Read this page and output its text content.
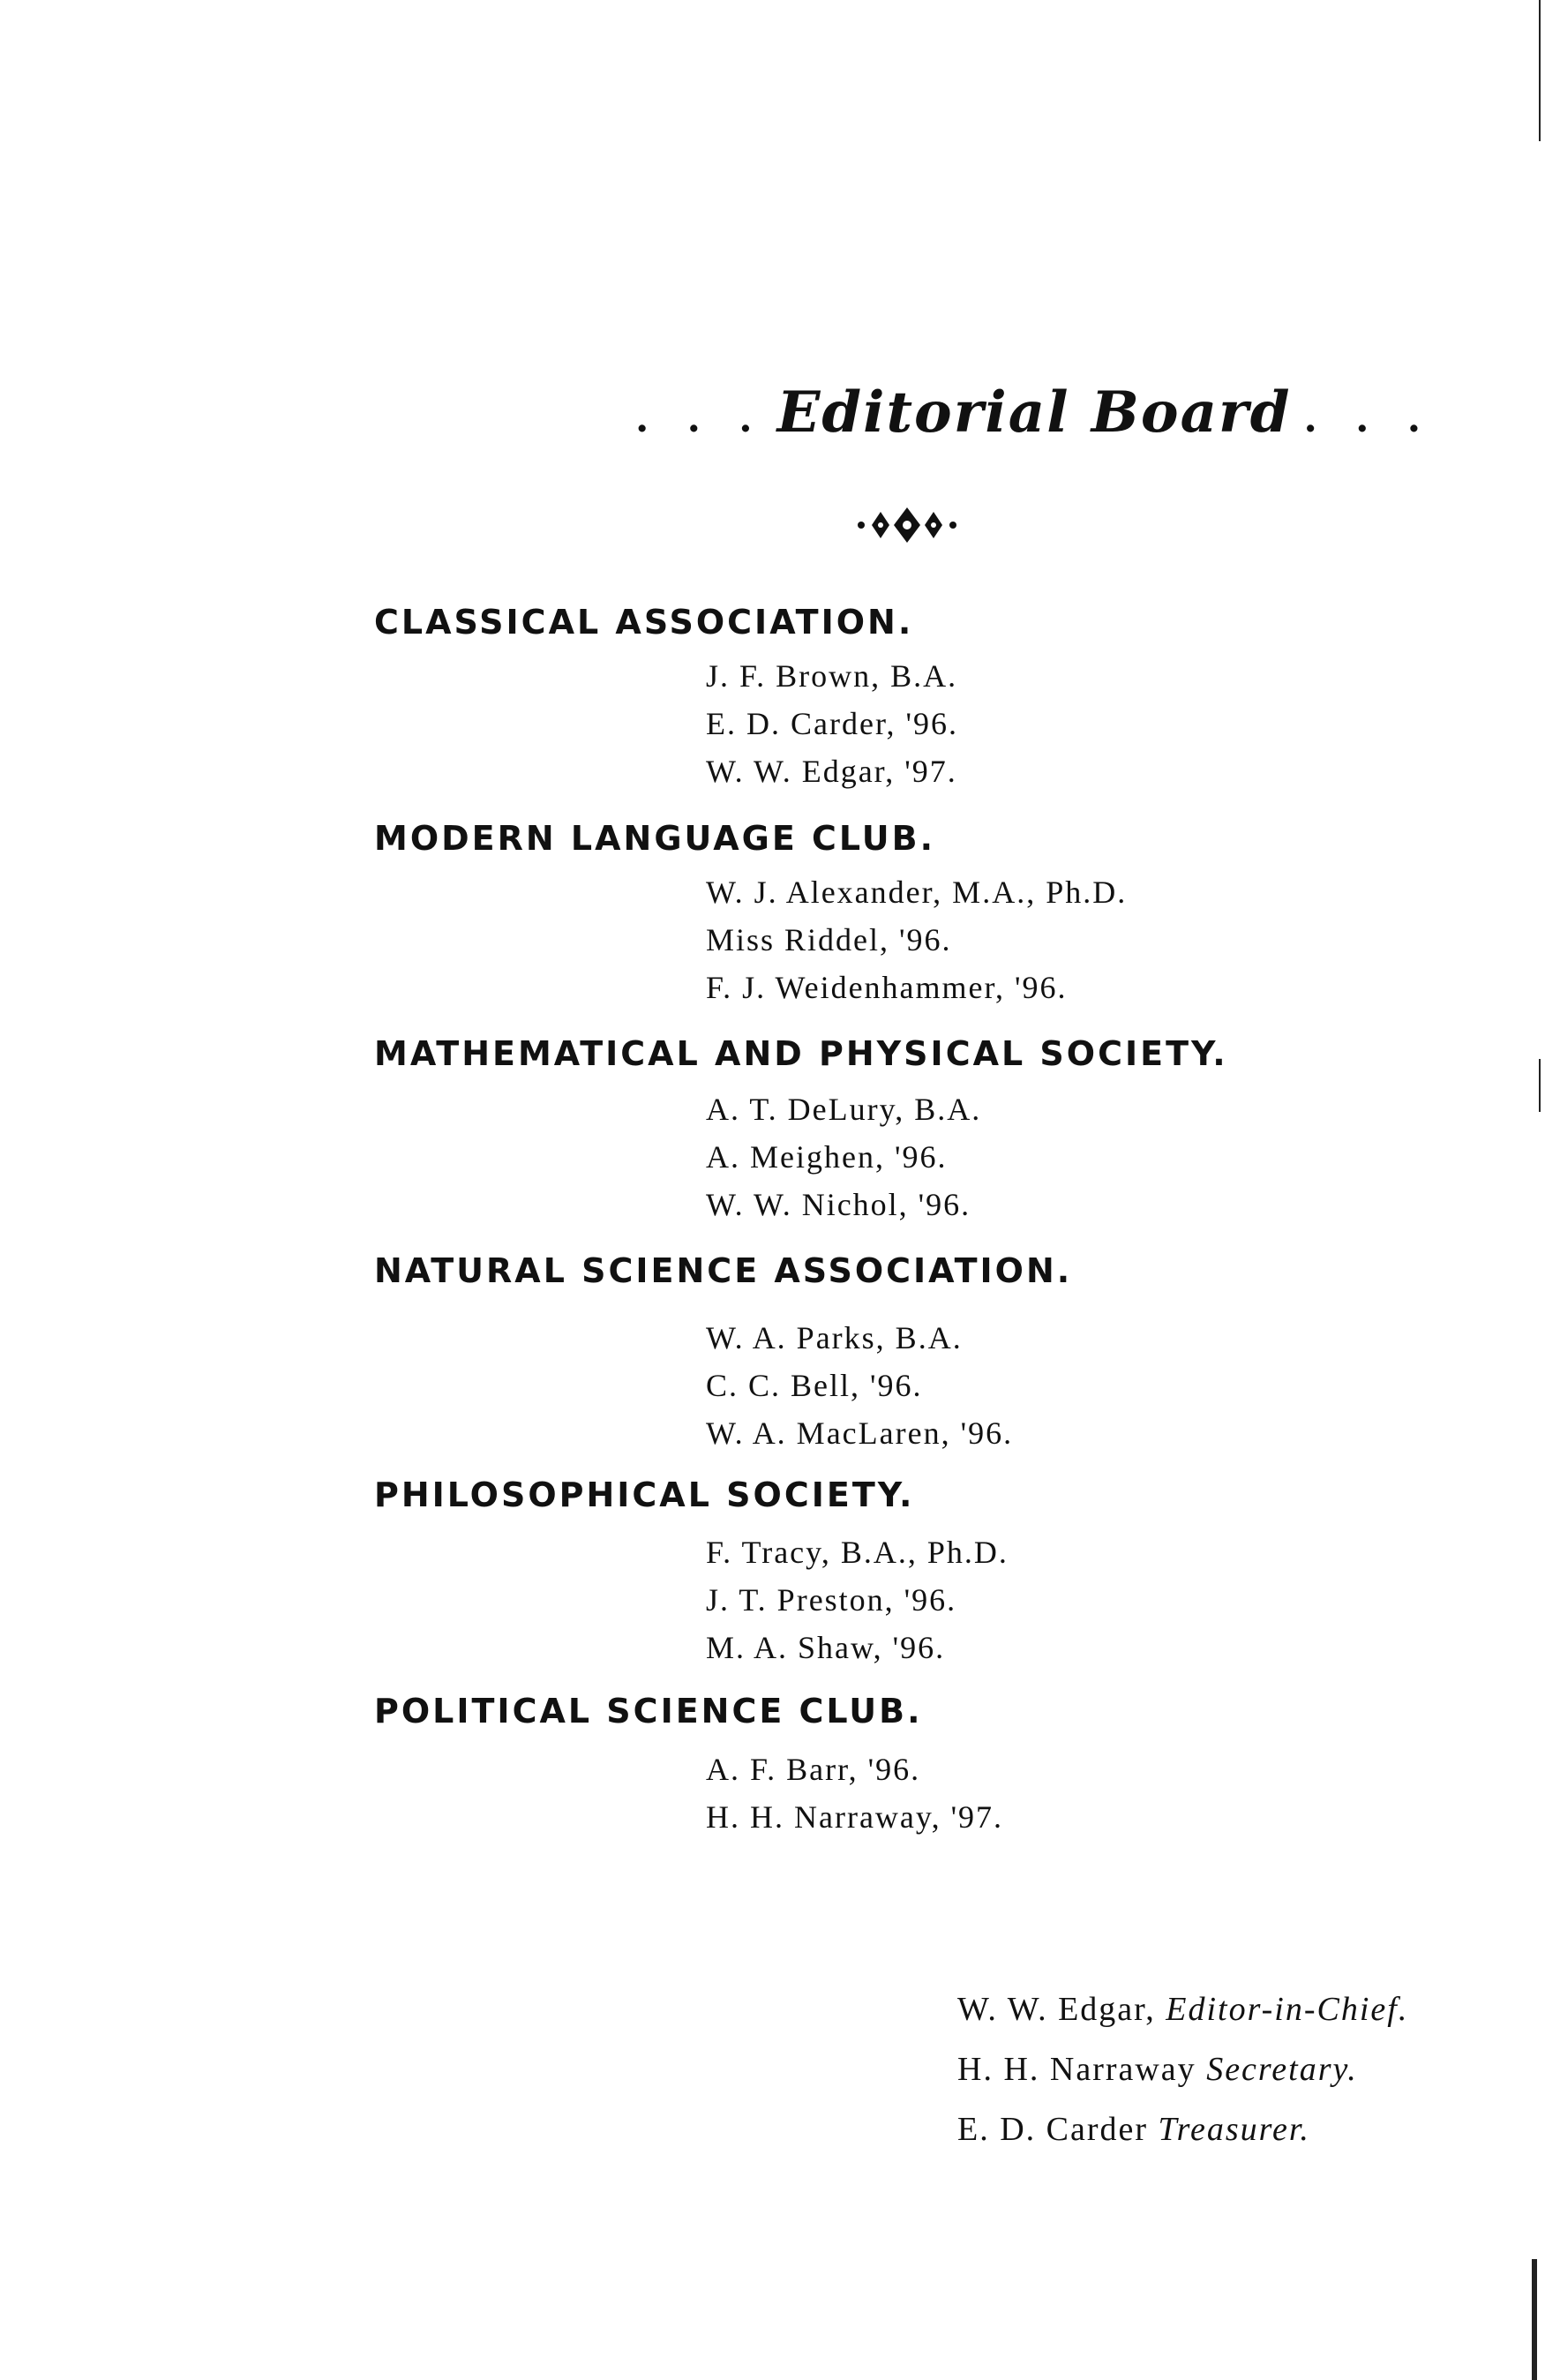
. . . Editorial Board . . .
CLASSICAL ASSOCIATION.
J. F. Brown, B.A.
E. D. Carder, '96.
W. W. Edgar, '97.
MODERN LANGUAGE CLUB.
W. J. Alexander, M.A., Ph.D.
Miss Riddel, '96.
F. J. Weidenhammer, '96.
MATHEMATICAL AND PHYSICAL SOCIETY.
A. T. DeLury, B.A.
A. Meighen, '96.
W. W. Nichol, '96.
NATURAL SCIENCE ASSOCIATION.
W. A. Parks, B.A.
C. C. Bell, '96.
W. A. MacLaren, '96.
PHILOSOPHICAL SOCIETY.
F. Tracy, B.A., Ph.D.
J. T. Preston, '96.
M. A. Shaw, '96.
POLITICAL SCIENCE CLUB.
A. F. Barr, '96.
H. H. Narraway, '97.
W. W. Edgar, Editor-in-Chief.
H. H. Narraway Secretary.
E. D. Carder Treasurer.
